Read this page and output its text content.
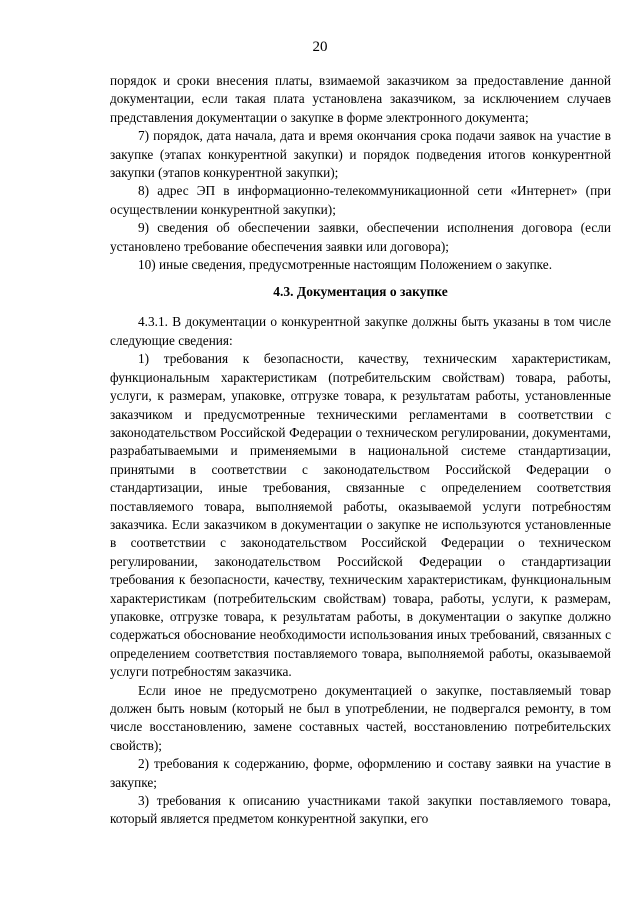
20

порядок и сроки внесения платы, взимаемой заказчиком за предоставление данной документации, если такая плата установлена заказчиком, за исключением случаев представления документации о закупке в форме электронного документа;

7) порядок, дата начала, дата и время окончания срока подачи заявок на участие в закупке (этапах конкурентной закупки) и порядок подведения итогов конкурентной закупки (этапов конкурентной закупки);

8) адрес ЭП в информационно-телекоммуникационной сети «Интернет» (при осуществлении конкурентной закупки);

9) сведения об обеспечении заявки, обеспечении исполнения договора (если установлено требование обеспечения заявки или договора);

10) иные сведения, предусмотренные настоящим Положением о закупке.

4.3. Документация о закупке

4.3.1. В документации о конкурентной закупке должны быть указаны в том числе следующие сведения:

1) требования к безопасности, качеству, техническим характеристикам, функциональным характеристикам (потребительским свойствам) товара, работы, услуги, к размерам, упаковке, отгрузке товара, к результатам работы, установленные заказчиком и предусмотренные техническими регламентами в соответствии с законодательством Российской Федерации о техническом регулировании, документами, разрабатываемыми и применяемыми в национальной системе стандартизации, принятыми в соответствии с законодательством Российской Федерации о стандартизации, иные требования, связанные с определением соответствия поставляемого товара, выполняемой работы, оказываемой услуги потребностям заказчика. Если заказчиком в документации о закупке не используются установленные в соответствии с законодательством Российской Федерации о техническом регулировании, законодательством Российской Федерации о стандартизации требования к безопасности, качеству, техническим характеристикам, функциональным характеристикам (потребительским свойствам) товара, работы, услуги, к размерам, упаковке, отгрузке товара, к результатам работы, в документации о закупке должно содержаться обоснование необходимости использования иных требований, связанных с определением соответствия поставляемого товара, выполняемой работы, оказываемой услуги потребностям заказчика.

Если иное не предусмотрено документацией о закупке, поставляемый товар должен быть новым (который не был в употреблении, не подвергался ремонту, в том числе восстановлению, замене составных частей, восстановлению потребительских свойств);

2) требования к содержанию, форме, оформлению и составу заявки на участие в закупке;

3) требования к описанию участниками такой закупки поставляемого товара, который является предметом конкурентной закупки, его
